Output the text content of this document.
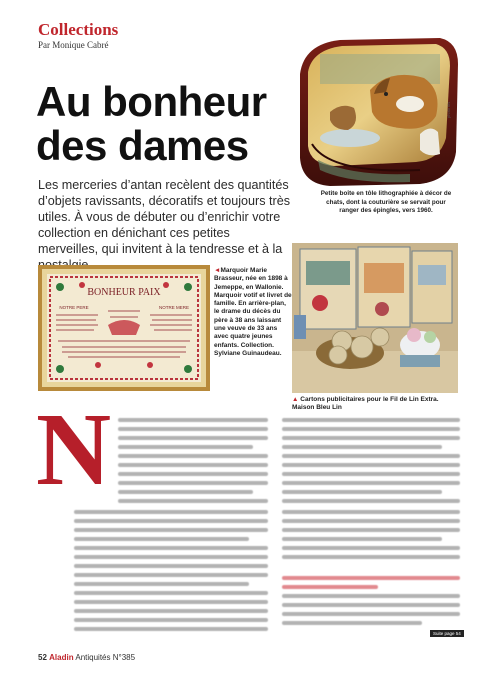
Collections
Par Monique Cabré
Au bonheur des dames
Les merceries d’antan recèlent des quantités d’objets ravissants, décoratifs et toujours très utiles. À vous de débuter ou d’enrichir votre collection en dénichant ces petites merveilles, qui invitent à la tendresse et à la
photo tifs
Petite boîte en tôle lithographiée à décor de chats, dont la couturière se servait pour ranger des épingles, vers 1960.
BONHEUR PAIX
NOTRE PERE	NOTRE MERE
◄Marquoir Marie Brasseur, née en 1898 à Jemeppe, en Wallonie. Marquoir votif et livret de famille. En arrière-plan, le drame du décès du père à 38 ans laissant une veuve de 33 ans avec quatre jeunes enfants. Collection. Sylviane Guinaudeau.
▲ Cartons publicitaires pour le Fil de Lin Extra. Maison Bleu Lin
N
Suite page 54
52 Aladin Antiquités N°385
